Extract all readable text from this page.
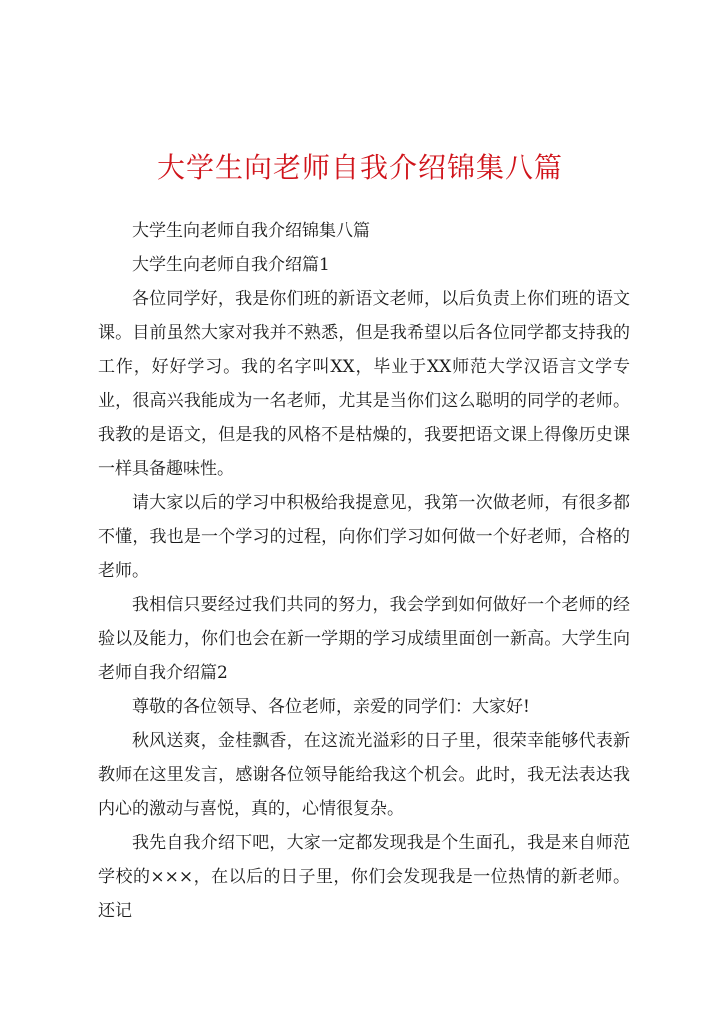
大学生向老师自我介绍锦集八篇

大学生向老师自我介绍锦集八篇

大学生向老师自我介绍篇1

各位同学好，我是你们班的新语文老师，以后负责上你们班的语文课。目前虽然大家对我并不熟悉，但是我希望以后各位同学都支持我的工作，好好学习。我的名字叫XX，毕业于XX师范大学汉语言文学专业，很高兴我能成为一名老师，尤其是当你们这么聪明的同学的老师。我教的是语文，但是我的风格不是枯燥的，我要把语文课上得像历史课一样具备趣味性。

请大家以后的学习中积极给我提意见，我第一次做老师，有很多都不懂，我也是一个学习的过程，向你们学习如何做一个好老师，合格的老师。

我相信只要经过我们共同的努力，我会学到如何做好一个老师的经验以及能力，你们也会在新一学期的学习成绩里面创一新高。大学生向老师自我介绍篇2

尊敬的各位领导、各位老师，亲爱的同学们：大家好!

秋风送爽，金桂飘香，在这流光溢彩的日子里，很荣幸能够代表新教师在这里发言，感谢各位领导能给我这个机会。此时，我无法表达我内心的激动与喜悦，真的，心情很复杂。

我先自我介绍下吧，大家一定都发现我是个生面孔，我是来自师范学校的×××，在以后的日子里，你们会发现我是一位热情的新老师。还记
